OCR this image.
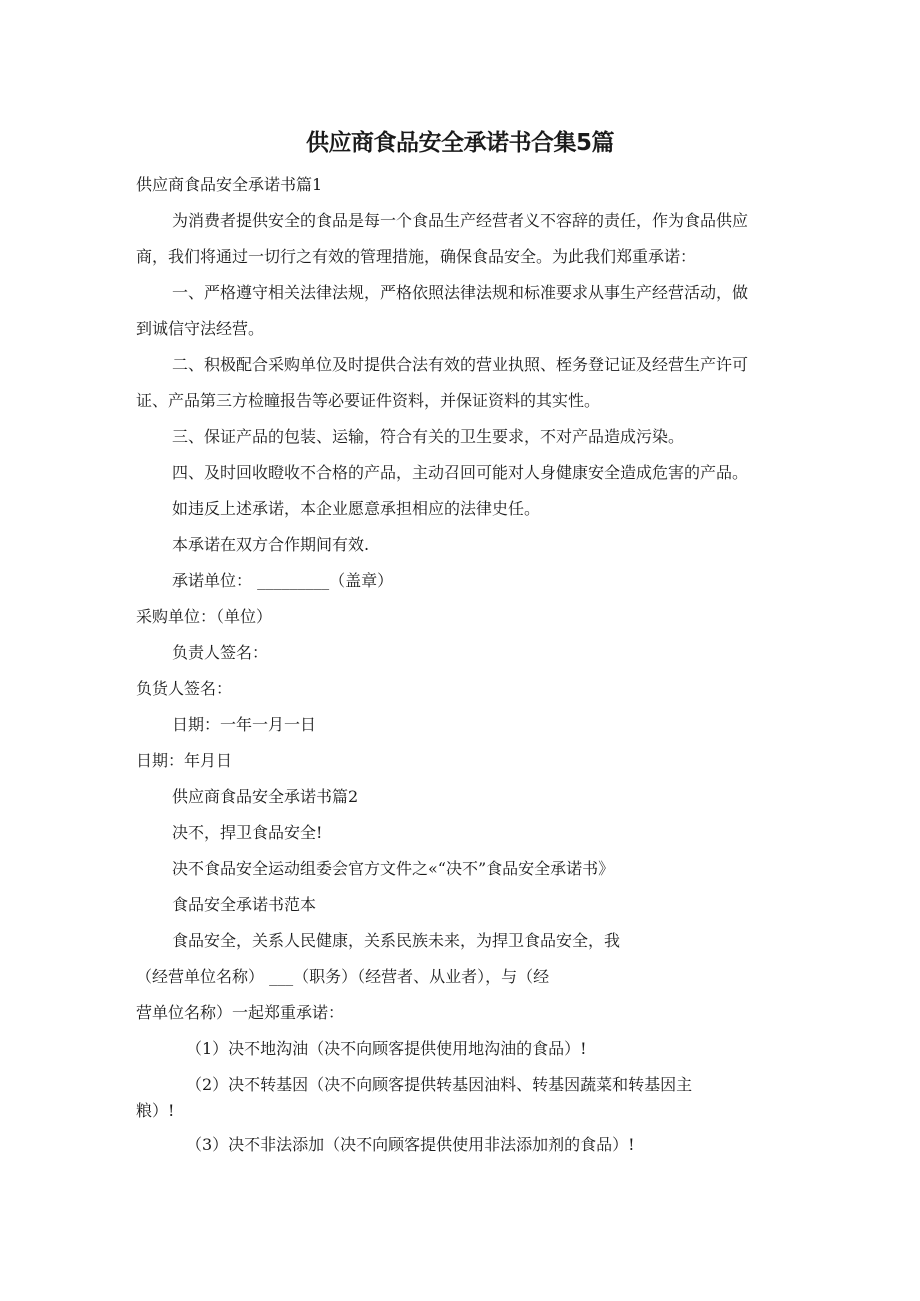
供应商食品安全承诺书合集5篇
供应商食品安全承诺书篇1
为消费者提供安全的食品是每一个食品生产经营者义不容辞的责任，作为食品供应
商，我们将通过一切行之有效的管理措施，确保食品安全。为此我们郑重承诺：
一、严格遵守相关法律法规，严格依照法律法规和标准要求从事生产经营活动，做
到诚信守法经营。
二、积极配合采购单位及时提供合法有效的营业执照、桎务登记证及经营生产许可
证、产品第三方检瞳报告等必要证件资料，并保证资料的其实性。
三、保证产品的包装、运输，符合有关的卫生要求，不对产品造成污染。
四、及时回收瞪收不合格的产品，主动召回可能对人身健康安全造成危害的产品。
如违反上述承诺，本企业愿意承担相应的法律史任。
本承诺在双方合作期间有效.
承诺单位： _________（盖章）
采购单位：（单位）
负责人签名：
负货人签名：
日期：一年一月一日
日期：年月日
供应商食品安全承诺书篇2
决不，捍卫食品安全!
决不食品安全运动组委会官方文件之«“决不”食品安全承诺书》
食品安全承诺书范本
食品安全，关系人民健康，关系民族未来，为捍卫食品安全，我
（经营单位名称） ___（职务）（经营者、从业者），与（经
营单位名称）一起郑重承诺：
（1）决不地沟油（决不向顾客提供使用地沟油的食品）!
（2）决不转基因（决不向顾客提供转基因油料、转基因蔬菜和转基因主
粮）!
（3）决不非法添加（决不向顾客提供使用非法添加剂的食品）!
